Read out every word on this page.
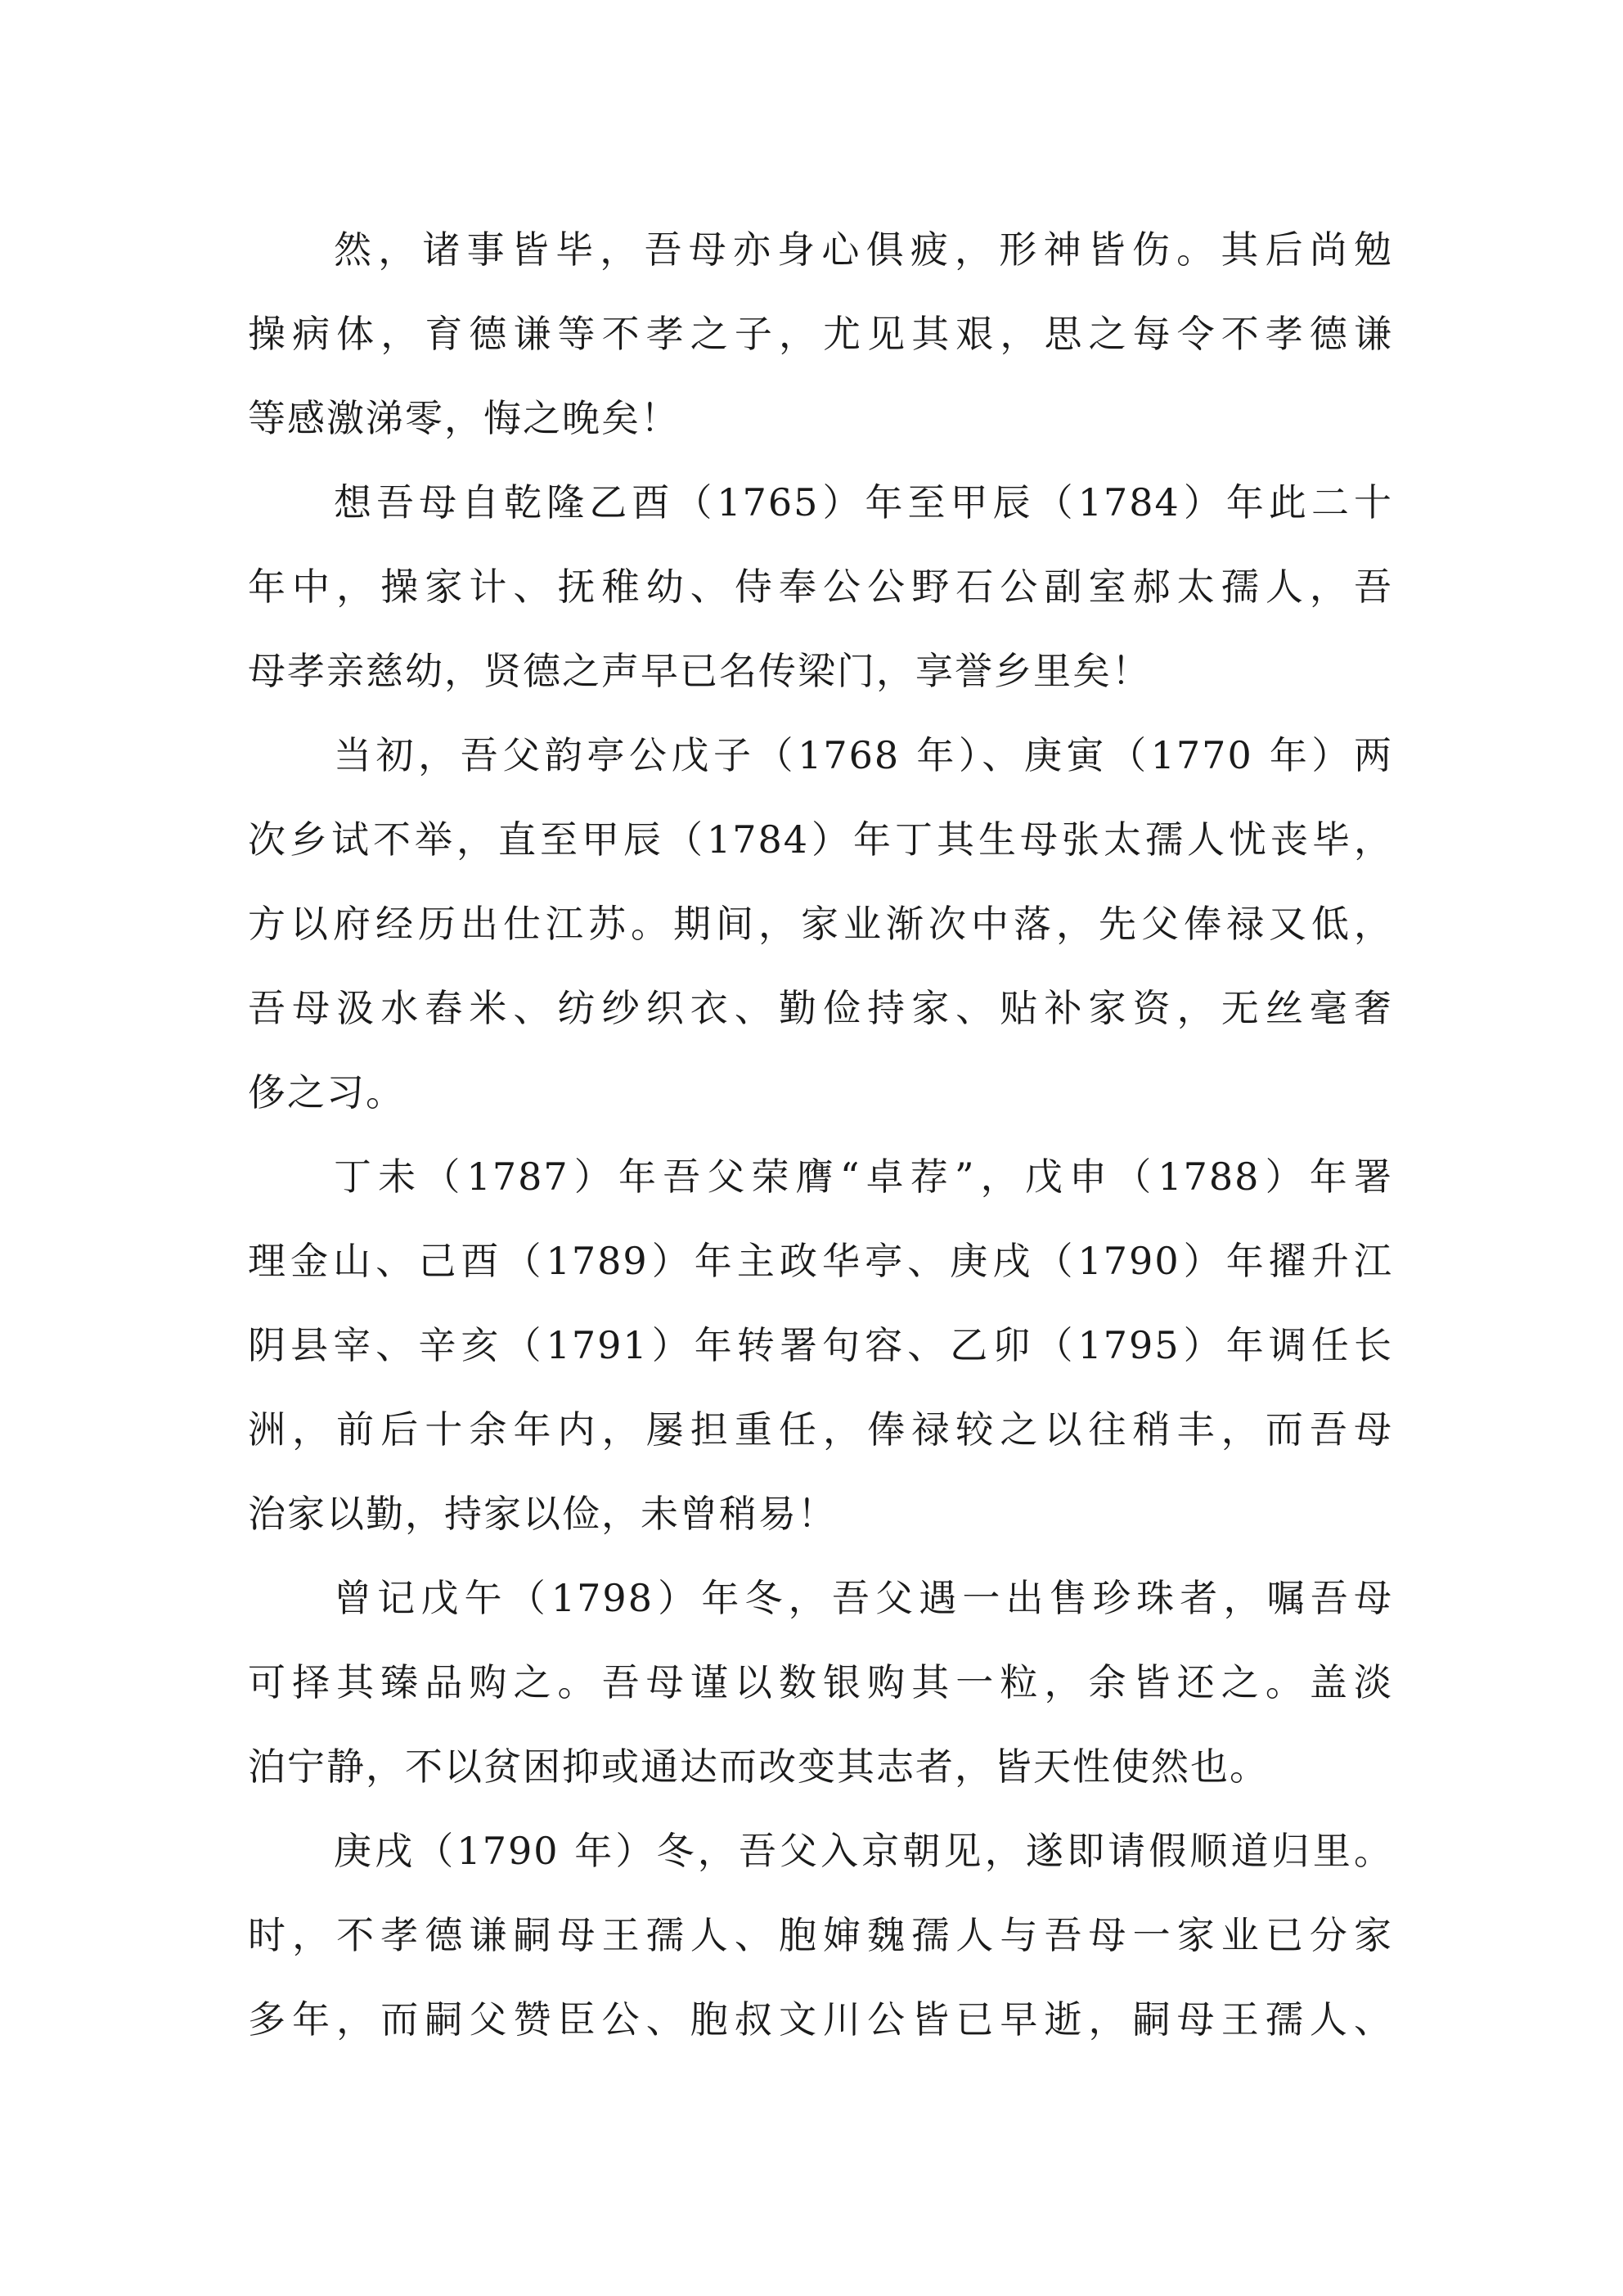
然，诸事皆毕，吾母亦身心俱疲，形神皆伤。其后尚勉
操病体，育德谦等不孝之子，尤见其艰，思之每令不孝德谦
等感激涕零，悔之晚矣！
想吾母自乾隆乙酉（1765）年至甲辰（1784）年此二十
年中，操家计、抚稚幼、侍奉公公野石公副室郝太孺人，吾
母孝亲慈幼，贤德之声早已名传梁门，享誉乡里矣！
当初，吾父韵亭公戊子（1768 年）、庚寅（1770 年）两
次乡试不举，直至甲辰（1784）年丁其生母张太孺人忧丧毕，
方以府经历出仕江苏。期间，家业渐次中落，先父俸禄又低，
吾母汲水舂米、纺纱织衣、勤俭持家、贴补家资，无丝毫奢
侈之习。
丁未（1787）年吾父荣膺“卓荐”，戊申（1788）年署
理金山、己酉（1789）年主政华亭、庚戌（1790）年擢升江
阴县宰、辛亥（1791）年转署句容、乙卯（1795）年调任长
洲，前后十余年内，屡担重任，俸禄较之以往稍丰，而吾母
治家以勤，持家以俭，未曾稍易！
曾记戊午（1798）年冬，吾父遇一出售珍珠者，嘱吾母
可择其臻品购之。吾母谨以数银购其一粒，余皆还之。盖淡
泊宁静，不以贫困抑或通达而改变其志者，皆天性使然也。
庚戌（1790 年）冬，吾父入京朝见，遂即请假顺道归里。
时，不孝德谦嗣母王孺人、胞婶魏孺人与吾母一家业已分家
多年，而嗣父赞臣公、胞叔文川公皆已早逝，嗣母王孺人、
